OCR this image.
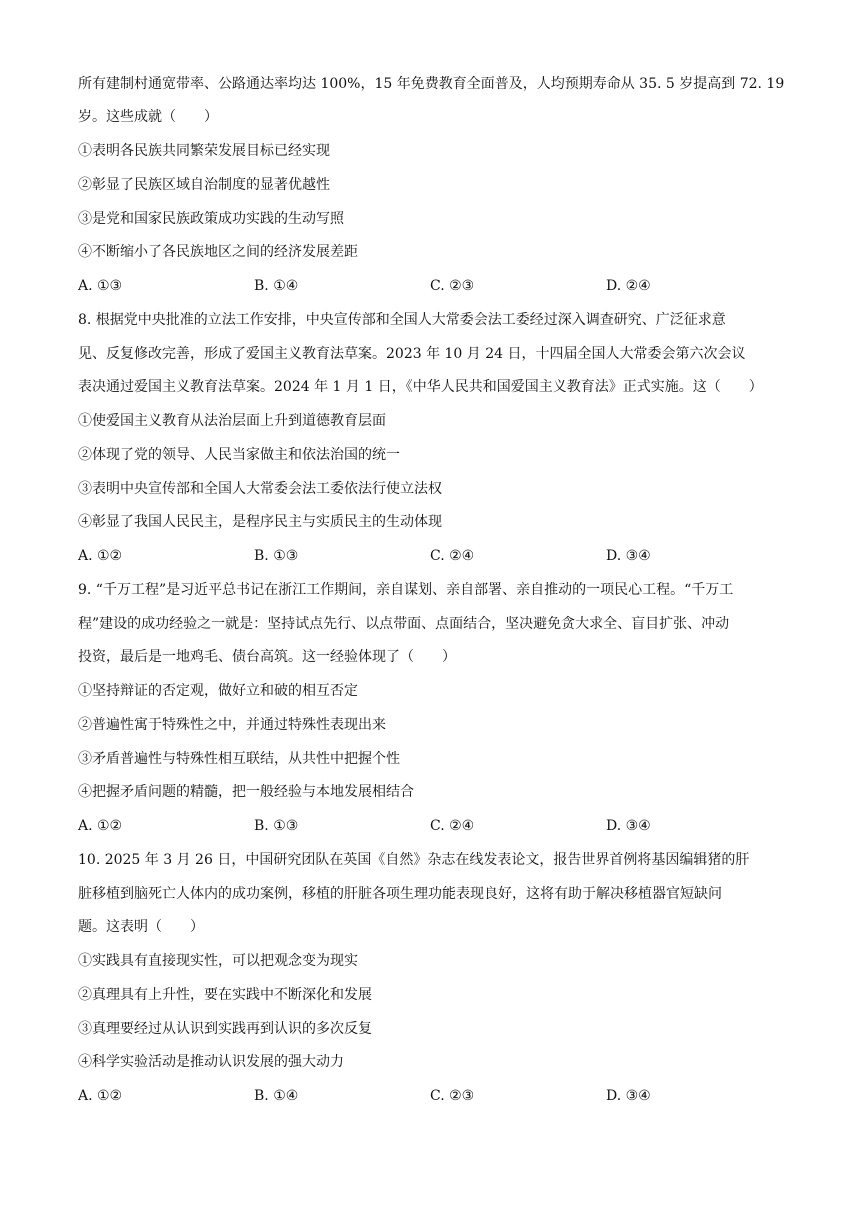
所有建制村通宽带率、公路通达率均达 100%，15 年免费教育全面普及，人均预期寿命从 35. 5 岁提高到 72. 19
岁。这些成就（　　）
①表明各民族共同繁荣发展目标已经实现
②彰显了民族区域自治制度的显著优越性
③是党和国家民族政策成功实践的生动写照
④不断缩小了各民族地区之间的经济发展差距
A. ①③	B. ①④	C. ②③	D. ②④
8. 根据党中央批准的立法工作安排，中央宣传部和全国人大常委会法工委经过深入调查研究、广泛征求意
见、反复修改完善，形成了爱国主义教育法草案。2023 年 10 月 24 日，十四届全国人大常委会第六次会议
表决通过爱国主义教育法草案。2024 年 1 月 1 日，《中华人民共和国爱国主义教育法》正式实施。这（　　）
①使爱国主义教育从法治层面上升到道德教育层面
②体现了党的领导、人民当家做主和依法治国的统一
③表明中央宣传部和全国人大常委会法工委依法行使立法权
④彰显了我国人民民主，是程序民主与实质民主的生动体现
A. ①②	B. ①③	C. ②④	D. ③④
9. “千万工程”是习近平总书记在浙江工作期间，亲自谋划、亲自部署、亲自推动的一项民心工程。“千万工
程”建设的成功经验之一就是：坚持试点先行、以点带面、点面结合，坚决避免贪大求全、盲目扩张、冲动
投资，最后是一地鸡毛、债台高筑。这一经验体现了（　　）
①坚持辩证的否定观，做好立和破的相互否定
②普遍性寓于特殊性之中，并通过特殊性表现出来
③矛盾普遍性与特殊性相互联结，从共性中把握个性
④把握矛盾问题的精髓，把一般经验与本地发展相结合
A. ①②	B. ①③	C. ②④	D. ③④
10. 2025 年 3 月 26 日，中国研究团队在英国《自然》杂志在线发表论文，报告世界首例将基因编辑猪的肝
脏移植到脑死亡人体内的成功案例，移植的肝脏各项生理功能表现良好，这将有助于解决移植器官短缺问
题。这表明（　　）
①实践具有直接现实性，可以把观念变为现实
②真理具有上升性，要在实践中不断深化和发展
③真理要经过从认识到实践再到认识的多次反复
④科学实验活动是推动认识发展的强大动力
A. ①②	B. ①④	C. ②③	D. ③④
